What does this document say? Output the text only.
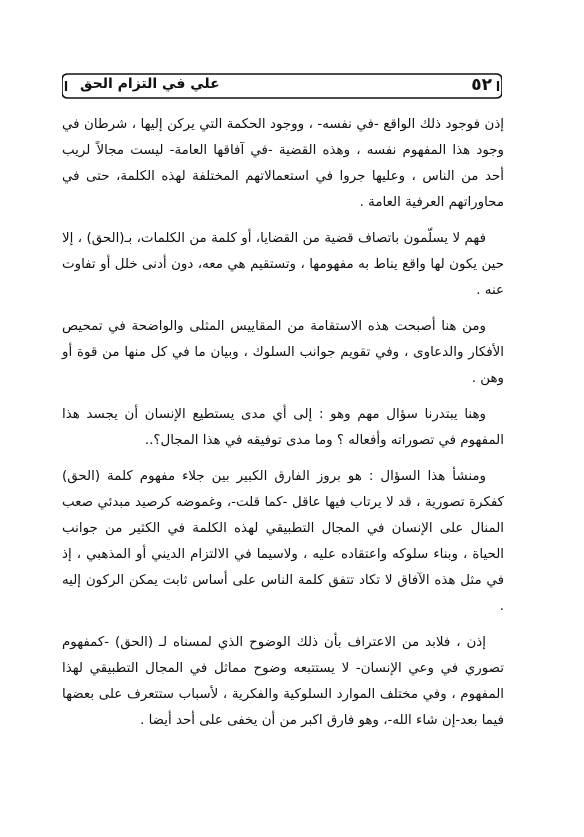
٥٢
علي في التزام الحق

إذن فوجود ذلك الواقع -في نفسه- ، ووجود الحكمة التي يركن إليها ، شرطان في وجود هذا المفهوم نفسه ، وهذه القضية -في آفاقها العامة- ليست مجالاً لريب أحد من الناس ، وعليها جروا في استعمالاتهم المختلفة لهذه الكلمة، حتى في محاوراتهم العرفية العامة .

فهم لا يسلّمون باتصاف قضية من القضايا، أو كلمة من الكلمات، بـ(الحق) ، إلا حين يكون لها واقع يناط به مفهومها ، وتستقيم هي معه، دون أدنى خلل أو تفاوت عنه .

ومن هنا أصبحت هذه الاستقامة من المقاييس المثلى والواضحة في تمحيص الأفكار والدعاوى ، وفي تقويم جوانب السلوك ، وبيان ما في كل منها من قوة أو وهن .

وهنا يبتدرنا سؤال مهم وهو : إلى أي مدى يستطيع الإنسان أن يجسد هذا المفهوم في تصوراته وأفعاله ؟ وما مدى توفيقه في هذا المجال؟..

ومنشأ هذا السؤال : هو بروز الفارق الكبير بين جلاء مفهوم كلمة (الحق) كفكرة تصورية ، قد لا يرتاب فيها عاقل -كما قلت-، وغموضه كرصيد مبدئي صعب المنال على الإنسان في المجال التطبيقي لهذه الكلمة في الكثير من جوانب الحياة ، وبناء سلوكه واعتقاده عليه ، ولاسيما في الالتزام الديني أو المذهبي ، إذ في مثل هذه الآفاق لا تكاد تتفق كلمة الناس على أساس ثابت يمكن الركون إليه .

إذن ، فلابد من الاعتراف بأن ذلك الوضوح الذي لمسناه لـ (الحق) -كمفهوم تصوري في وعي الإنسان- لا يستتبعه وضوح مماثل في المجال التطبيقي لهذا المفهوم ، وفي مختلف الموارد السلوكية والفكرية ، لأسباب ستتعرف على بعضها فيما بعد-إن شاء الله-، وهو فارق اكبر من أن يخفى على أحد أيضا .
